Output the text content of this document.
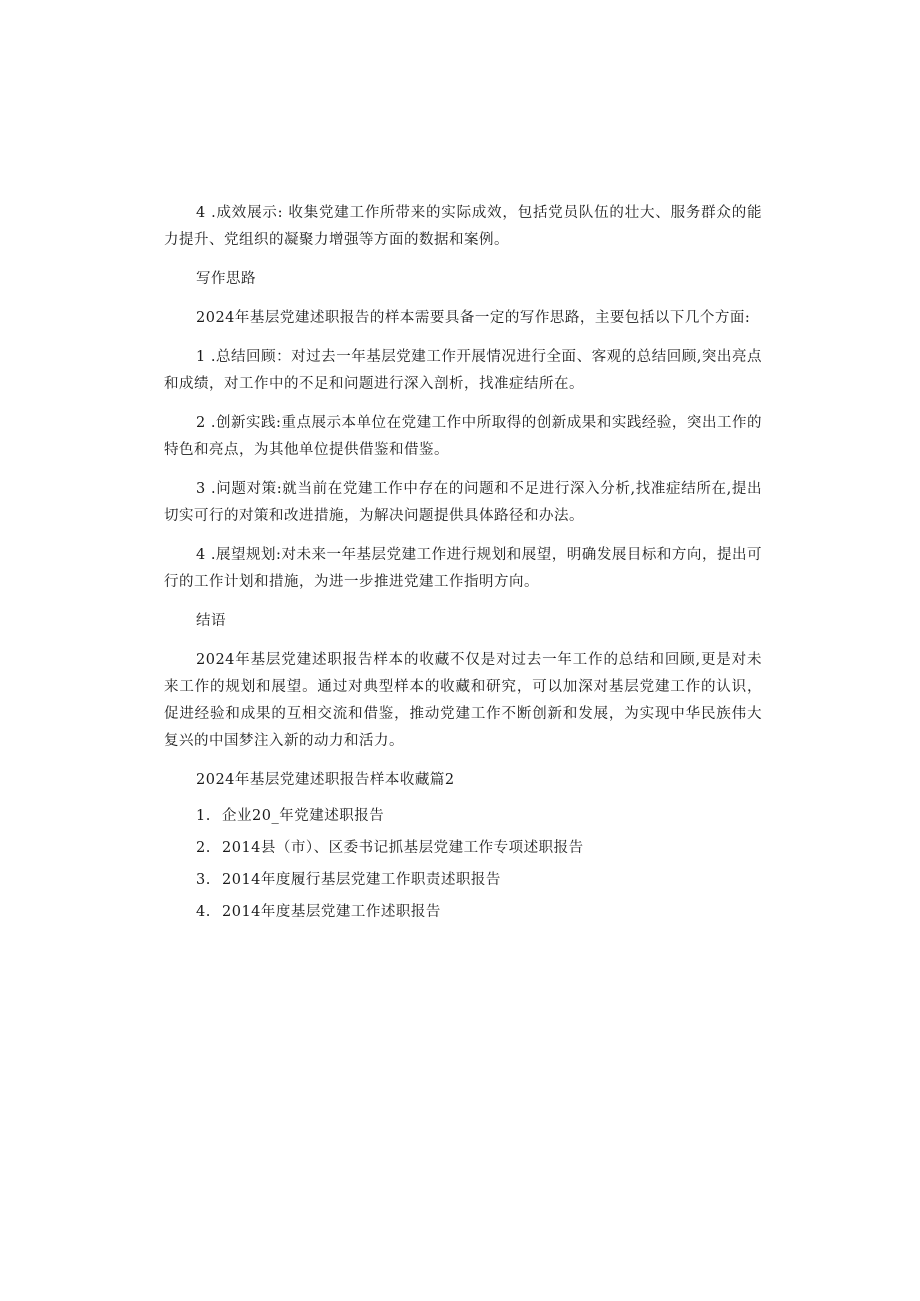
4 .成效展示: 收集党建工作所带来的实际成效，包括党员队伍的壮大、服务群众的能力提升、党组织的凝聚力增强等方面的数据和案例。

写作思路

2024年基层党建述职报告的样本需要具备一定的写作思路，主要包括以下几个方面:

1 .总结回顾：对过去一年基层党建工作开展情况进行全面、客观的总结回顾,突出亮点和成绩，对工作中的不足和问题进行深入剖析，找准症结所在。

2 .创新实践:重点展示本单位在党建工作中所取得的创新成果和实践经验，突出工作的特色和亮点，为其他单位提供借鉴和借鉴。

3 .问题对策:就当前在党建工作中存在的问题和不足进行深入分析,找准症结所在,提出切实可行的对策和改进措施，为解决问题提供具体路径和办法。

4 .展望规划:对未来一年基层党建工作进行规划和展望，明确发展目标和方向，提出可行的工作计划和措施，为进一步推进党建工作指明方向。

结语

2024年基层党建述职报告样本的收藏不仅是对过去一年工作的总结和回顾,更是对未来工作的规划和展望。通过对典型样本的收藏和研究，可以加深对基层党建工作的认识，促进经验和成果的互相交流和借鉴，推动党建工作不断创新和发展，为实现中华民族伟大复兴的中国梦注入新的动力和活力。

2024年基层党建述职报告样本收藏篇2

1. 企业20_年党建述职报告
2. 2014县（市）、区委书记抓基层党建工作专项述职报告
3. 2014年度履行基层党建工作职责述职报告
4. 2014年度基层党建工作述职报告
